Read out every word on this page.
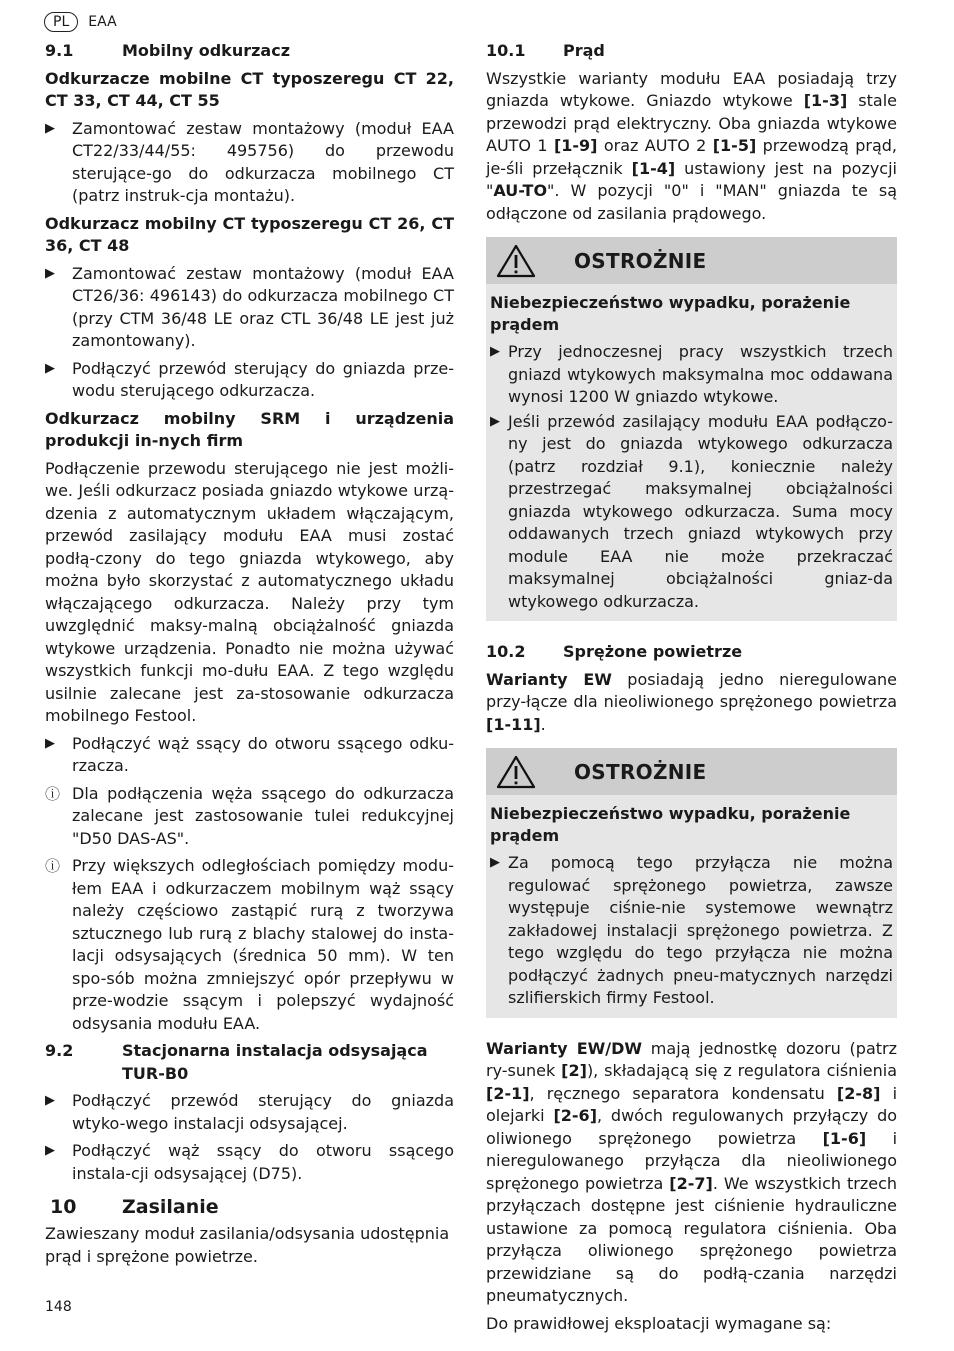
PL	EAA
9.1	Mobilny odkurzacz

Odkurzacze mobilne CT typoszeregu CT 22, CT 33, CT 44, CT 55

▶	Zamontować zestaw montażowy (moduł EAA CT22/33/44/55: 495756) do przewodu sterujące-go do odkurzacza mobilnego CT (patrz instruk-cja montażu).

Odkurzacz mobilny CT typoszeregu CT 26, CT 36, CT 48

▶	Zamontować zestaw montażowy (moduł EAA CT26/36: 496143) do odkurzacza mobilnego CT (przy CTM 36/48 LE oraz CTL 36/48 LE jest już zamontowany).
▶	Podłączyć przewód sterujący do gniazda prze-wodu sterującego odkurzacza.

Odkurzacz mobilny SRM i urządzenia produkcji in-nych firm

Podłączenie przewodu sterującego nie jest możli-we. Jeśli odkurzacz posiada gniazdo wtykowe urzą-dzenia z automatycznym układem włączającym, przewód zasilający modułu EAA musi zostać podłą-czony do tego gniazda wtykowego, aby można było skorzystać z automatycznego układu włączającego odkurzacza. Należy przy tym uwzględnić maksy-malną obciążalność gniazda wtykowe urządzenia. Ponadto nie można używać wszystkich funkcji mo-dułu EAA. Z tego względu usilnie zalecane jest za-stosowanie odkurzacza mobilnego Festool.

▶	Podłączyć wąż ssący do otworu ssącego odku-rzacza.
ⓘ Dla podłączenia węża ssącego do odkurzacza zalecane jest zastosowanie tulei redukcyjnej "D50 DAS-AS".
ⓘ Przy większych odległościach pomiędzy modu-łem EAA i odkurzaczem mobilnym wąż ssący należy częściowo zastąpić rurą z tworzywa sztucznego lub rurą z blachy stalowej do insta-lacji odsysających (średnica 50 mm). W ten spo-sób można zmniejszyć opór przepływu w prze-wodzie ssącym i polepszyć wydajność odsysania modułu EAA.
9.2	Stacjonarna instalacja odsysająca TUR-B0
▶	Podłączyć przewód sterujący do gniazda wtyko-wego instalacji odsysającej.
▶	Podłączyć wąż ssący do otworu ssącego instala-cji odsysającej (D75).
10	Zasilanie

Zawieszany moduł zasilania/odsysania udostępnia prąd i sprężone powietrze.

10.1	Prąd

Wszystkie warianty modułu EAA posiadają trzy gniazda wtykowe. Gniazdo wtykowe [1-3] stale przewodzi prąd elektryczny. Oba gniazda wtykowe AUTO 1 [1-9] oraz AUTO 2 [1-5] przewodzą prąd, je-śli przełącznik [1-4] ustawiony jest na pozycji "AU-TO". W pozycji "0" i "MAN" gniazda te są odłączone od zasilania prądowego.

OSTROŻNIE

Niebezpieczeństwo wypadku, porażenie prądem

▶ Przy jednoczesnej pracy wszystkich trzech gniazd wtykowych maksymalna moc oddawana wynosi 1200 W gniazdo wtykowe.
▶ Jeśli przewód zasilający modułu EAA podłączo-ny jest do gniazda wtykowego odkurzacza (patrz rozdział 9.1), koniecznie należy przestrzegać maksymalnej obciążalności gniazda wtykowego odkurzacza. Suma mocy oddawanych trzech gniazd wtykowych przy module EAA nie może przekraczać maksymalnej obciążalności gniaz-da wtykowego odkurzacza.
10.2	Sprężone powietrze

Warianty EW posiadają jedno nieregulowane przy-łącze dla nieoliwionego sprężonego powietrza [1-11].

OSTROŻNIE

Niebezpieczeństwo wypadku, porażenie prądem

▶ Za pomocą tego przyłącza nie można regulować sprężonego powietrza, zawsze występuje ciśnie-nie systemowe wewnątrz zakładowej instalacji sprężonego powietrza. Z tego względu do tego przyłącza nie można podłączyć żadnych pneu-matycznych narzędzi szlifierskich firmy Festool.

Warianty EW/DW mają jednostkę dozoru (patrz ry-sunek [2]), składającą się z regulatora ciśnienia [2-1], ręcznego separatora kondensatu [2-8] i olejarki [2-6], dwóch regulowanych przyłączy do oliwionego sprężonego powietrza [1-6] i nieregulowanego przyłącza dla nieoliwionego sprężonego powietrza [2-7]. We wszystkich trzech przyłączach dostępne jest ciśnienie hydrauliczne ustawione za pomocą regulatora ciśnienia. Oba przyłącza oliwionego sprężonego powietrza przewidziane są do podłą-czania narzędzi pneumatycznych.

Do prawidłowej eksploatacji wymagane są:

148
